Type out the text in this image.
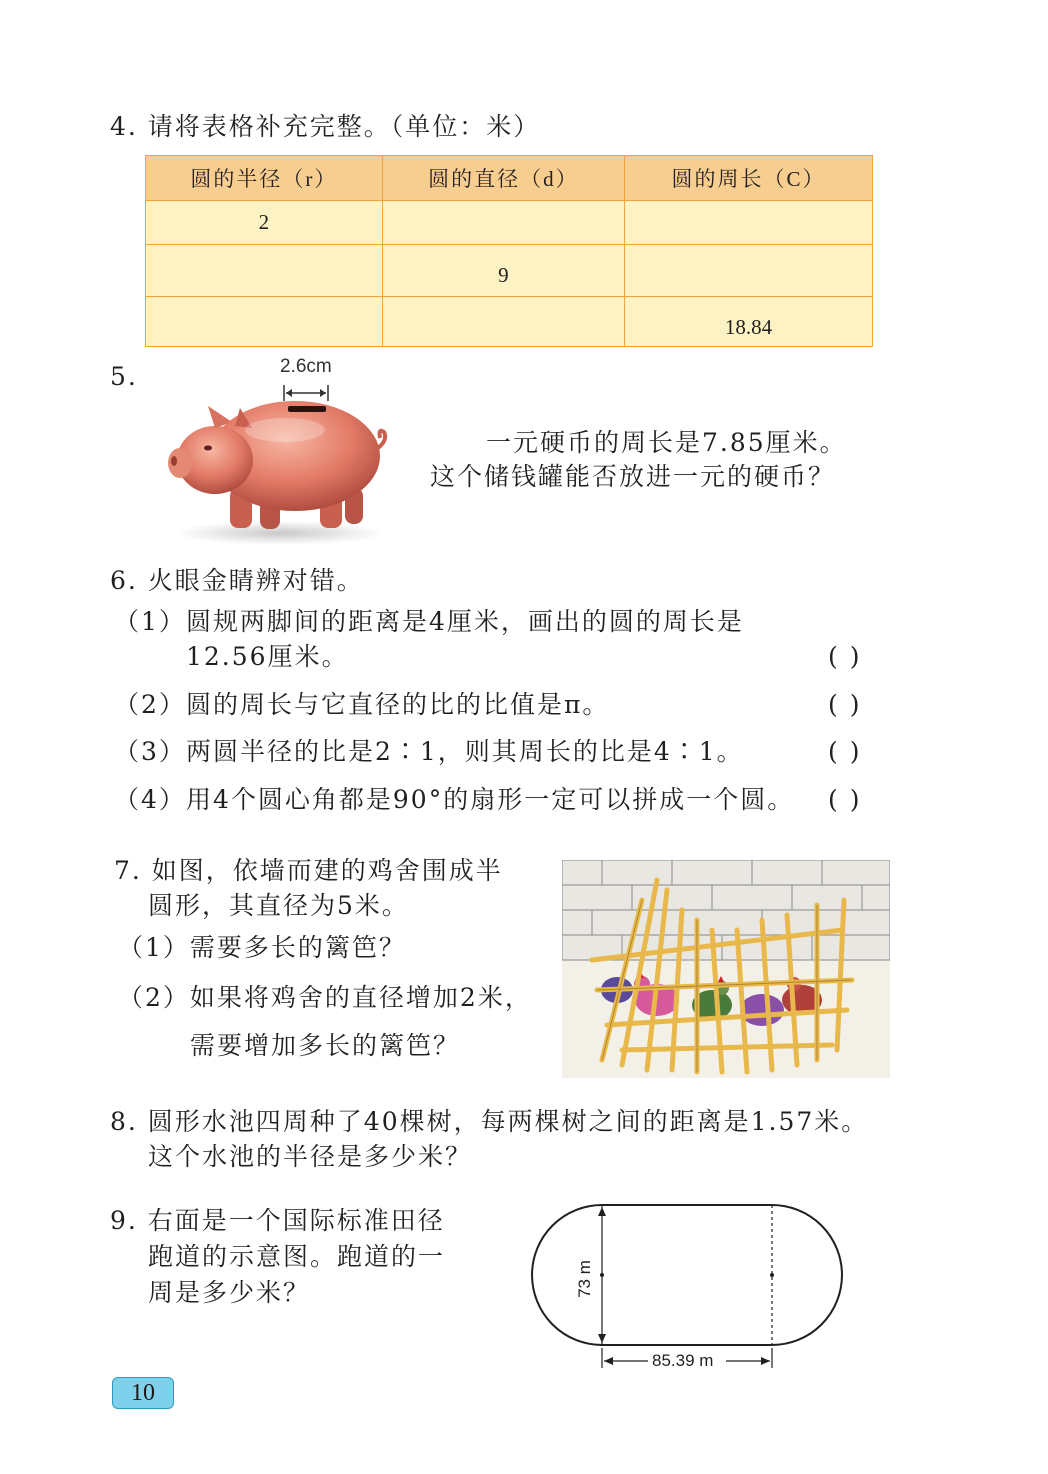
4. 请将表格补充完整。（单位：米）
圆的半径（r）	圆的直径（d）	圆的周长（C）
2		
	9	
		18.84
5.	2.6cm
一元硬币的周长是7.85厘米。
这个储钱罐能否放进一元的硬币？
6. 火眼金睛辨对错。
（1） 圆规两脚间的距离是4厘米，画出的圆的周长是
12.56厘米。	( )
（2） 圆的周长与它直径的比的比值是π。	( )
（3） 两圆半径的比是2∶1，则其周长的比是4∶1。	( )
（4） 用4个圆心角都是90°的扇形一定可以拼成一个圆。 ( )
7. 如图，依墙而建的鸡舍围成半
圆形，其直径为5米。
（1）需要多长的篱笆？
（2）如果将鸡舍的直径增加2米，
需要增加多长的篱笆？
8. 圆形水池四周种了40棵树，每两棵树之间的距离是1.57米。
这个水池的半径是多少米？
9. 右面是一个国际标准田径
跑道的示意图。跑道的一
周是多少米？	73 m
85.39 m
10
